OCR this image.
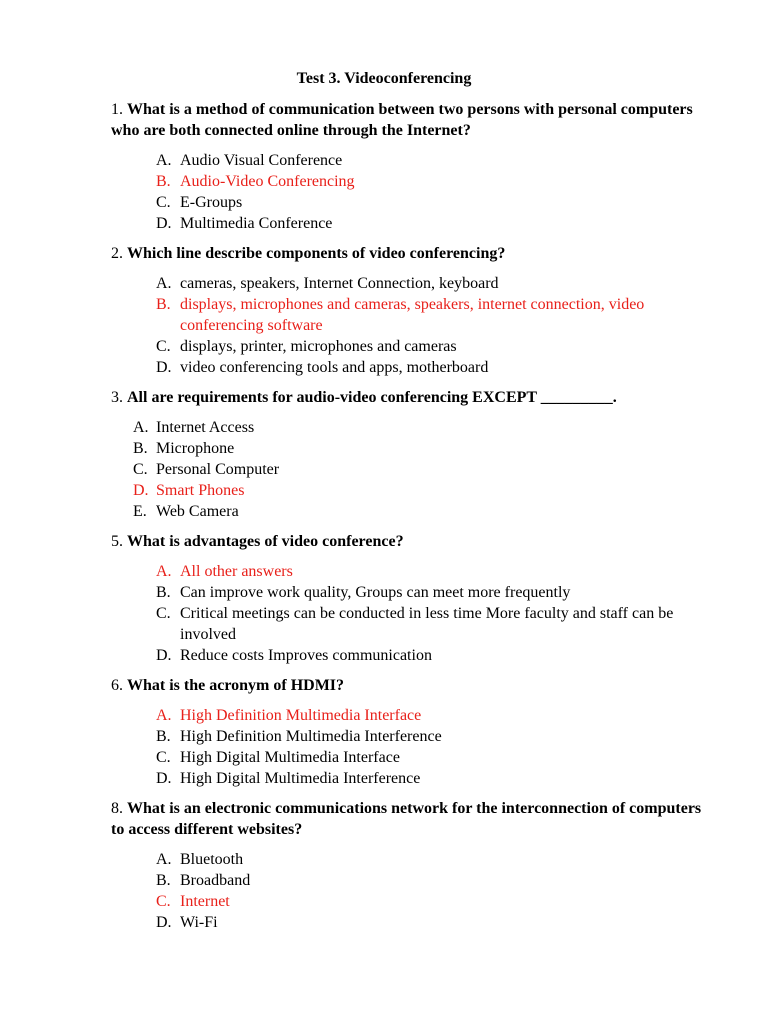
Test 3. Videoconferencing
1. What is a method of communication between two persons with personal computers who are both connected online through the Internet?
A. Audio Visual Conference
B. Audio-Video Conferencing
C. E-Groups
D. Multimedia Conference
2. Which line describe components of video conferencing?
A. cameras, speakers, Internet Connection, keyboard
B. displays, microphones and cameras, speakers, internet connection, video conferencing software
C. displays, printer, microphones and cameras
D. video conferencing tools and apps, motherboard
3. All are requirements for audio-video conferencing EXCEPT _________.
A. Internet Access
B. Microphone
C. Personal Computer
D. Smart Phones
E. Web Camera
5. What is advantages of video conference?
A. All other answers
B. Can improve work quality, Groups can meet more frequently
C. Critical meetings can be conducted in less time More faculty and staff can be involved
D. Reduce costs Improves communication
6. What is the acronym of HDMI?
A. High Definition Multimedia Interface
B. High Definition Multimedia Interference
C. High Digital Multimedia Interface
D. High Digital Multimedia Interference
8. What is an electronic communications network for the interconnection of computers to access different websites?
A. Bluetooth
B. Broadband
C. Internet
D. Wi-Fi
